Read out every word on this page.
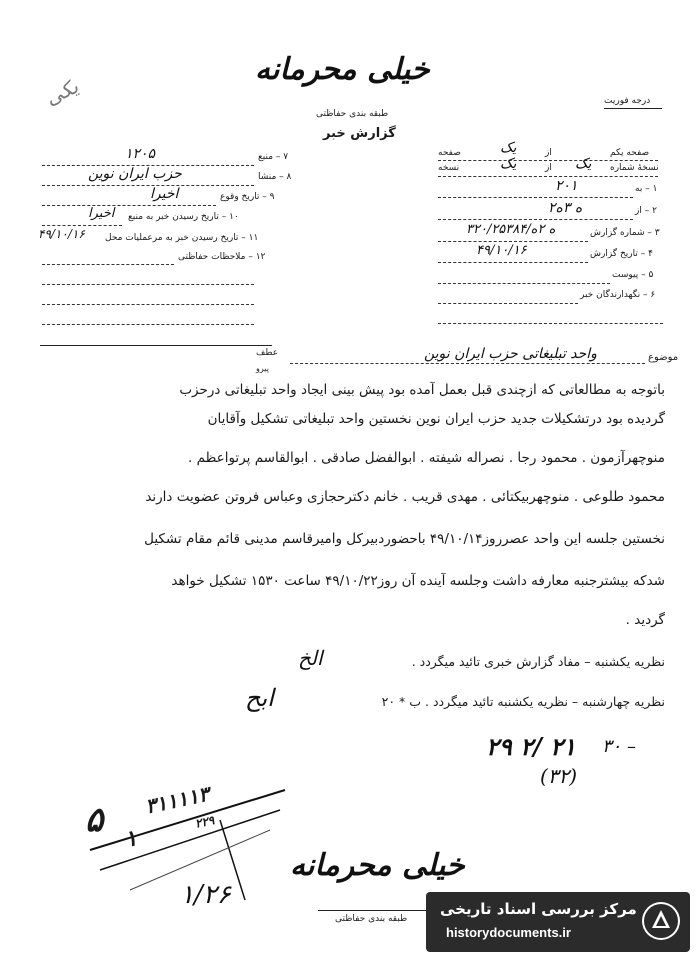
خیلی محرمانه
یکی	درجه فوریت
طبقه بندی حفاظتی
گزارش خبر
صفحه یکم
از
یک
صفحه
نسخهٔ شماره
یک
از
یک
نسخه
۱ – به
۲۰۱
۲ – از
۲ه ۳ه
۳ – شماره گزارش
۳ه ۲ه/۲۰/۲۵۳۸۴
۴ – تاریخ گزارش
۴۹/۱۰/۱۶
۵ – پیوست
۶ – نگهدارندگان خبر
۷ – منبع
۱۲۰۵
۸ – منشا
حزب ایران نوین
۹ – تاریخ وقوع
اخیرا
۱۰ – تاریخ رسیدن خبر به منبع
اخیرا
۱۱ – تاریخ رسیدن خبر به مرعملیات محل
۴۹/۱۰/۱۶
۱۲ – ملاحظات حفاظتی
عطف
پیرو
موضوع
واحد تبلیغاتی حزب ایران نوین
باتوجه به مطالعاتی که ازچندی قبل بعمل آمده بود پیش بینی ایجاد واحد تبلیغاتی درحزب
گردیده بود درتشکیلات جدید حزب ایران نوین نخستین واحد تبلیغاتی تشکیل وآقایان
منوچهرآزمون . محمود رجا . نصراله شیفته . ابوالفضل صادقی . ابوالقاسم پرتواعظم .
محمود طلوعی . منوچهربیکتائی . مهدی قریب . خانم دکترحجازی وعباس فروتن عضویت دارند
نخستین جلسه این واحد عصرروز۴۹/۱۰/۱۴ باحضوردبیرکل وامیرقاسم مدینی قائم مقام تشکیل
شدکه بیشترجنبه معارفه داشت وجلسه آینده آن روز۴۹/۱۰/۲۲ ساعت ۱۵۳۰ تشکیل خواهد
گردید .
نظریه یکشنبه – مفاد گزارش خبری تائید میگردد .
الخ
نظریه چهارشنبه – نظریه یکشنبه تائید میگردد . ب * ۲۰
ابح
۲۹ ۲/ ۲۱ ۳۰ –
(۳۲)
۳۱۱۱۱۳
۲۲۹
۵ ۱
خیلی محرمانه
۱/۲۶
طبقه بندی حفاظتی
مرکز بررسی اسناد تاریخی
historydocuments.ir
